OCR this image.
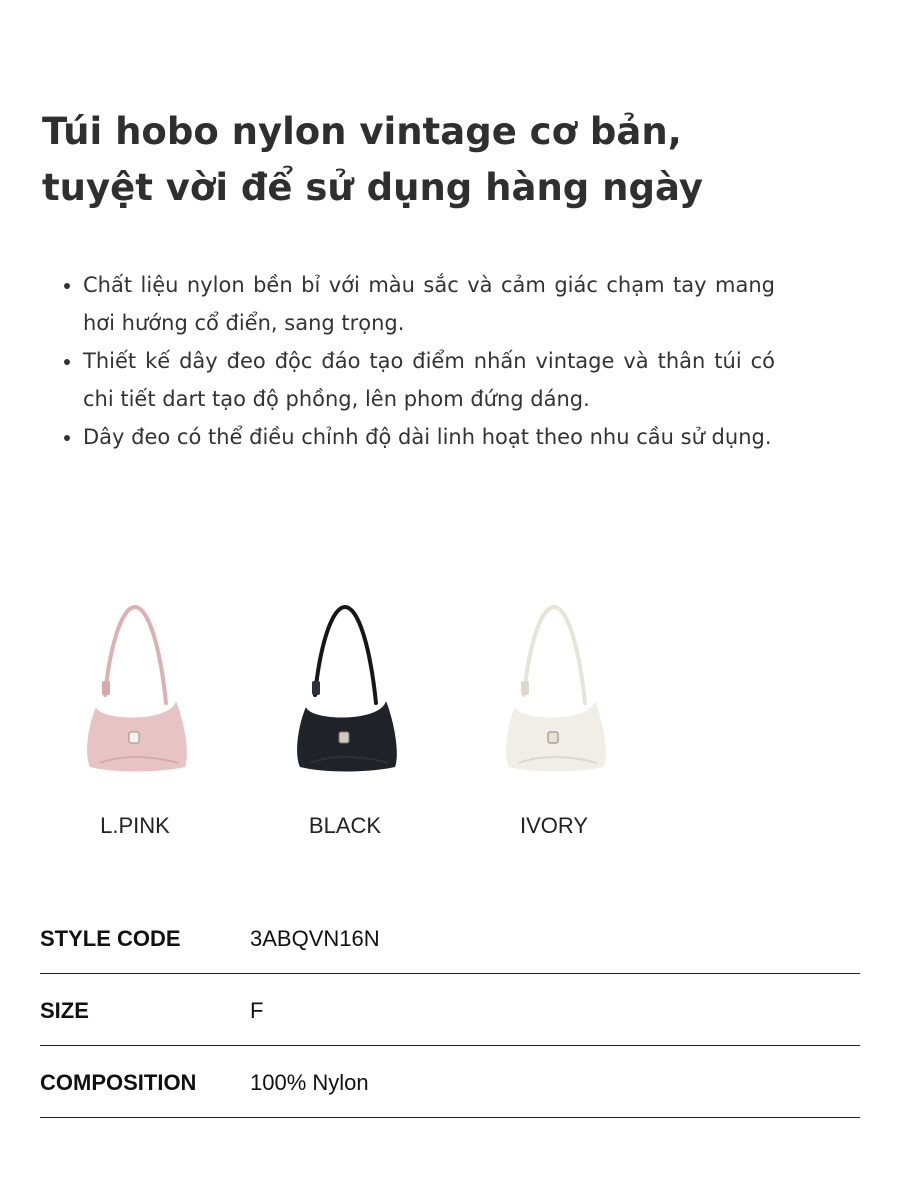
Túi hobo nylon vintage cơ bản, tuyệt vời để sử dụng hàng ngày
• Chất liệu nylon bền bỉ với màu sắc và cảm giác chạm tay mang hơi hướng cổ điển, sang trọng.
• Thiết kế dây đeo độc đáo tạo điểm nhấn vintage và thân túi có chi tiết dart tạo độ phồng, lên phom đứng dáng.
• Dây đeo có thể điều chỉnh độ dài linh hoạt theo nhu cầu sử dụng.
L.PINK	BLACK	IVORY
STYLE CODE	3ABQVN16N
SIZE	F
COMPOSITION 100% Nylon
